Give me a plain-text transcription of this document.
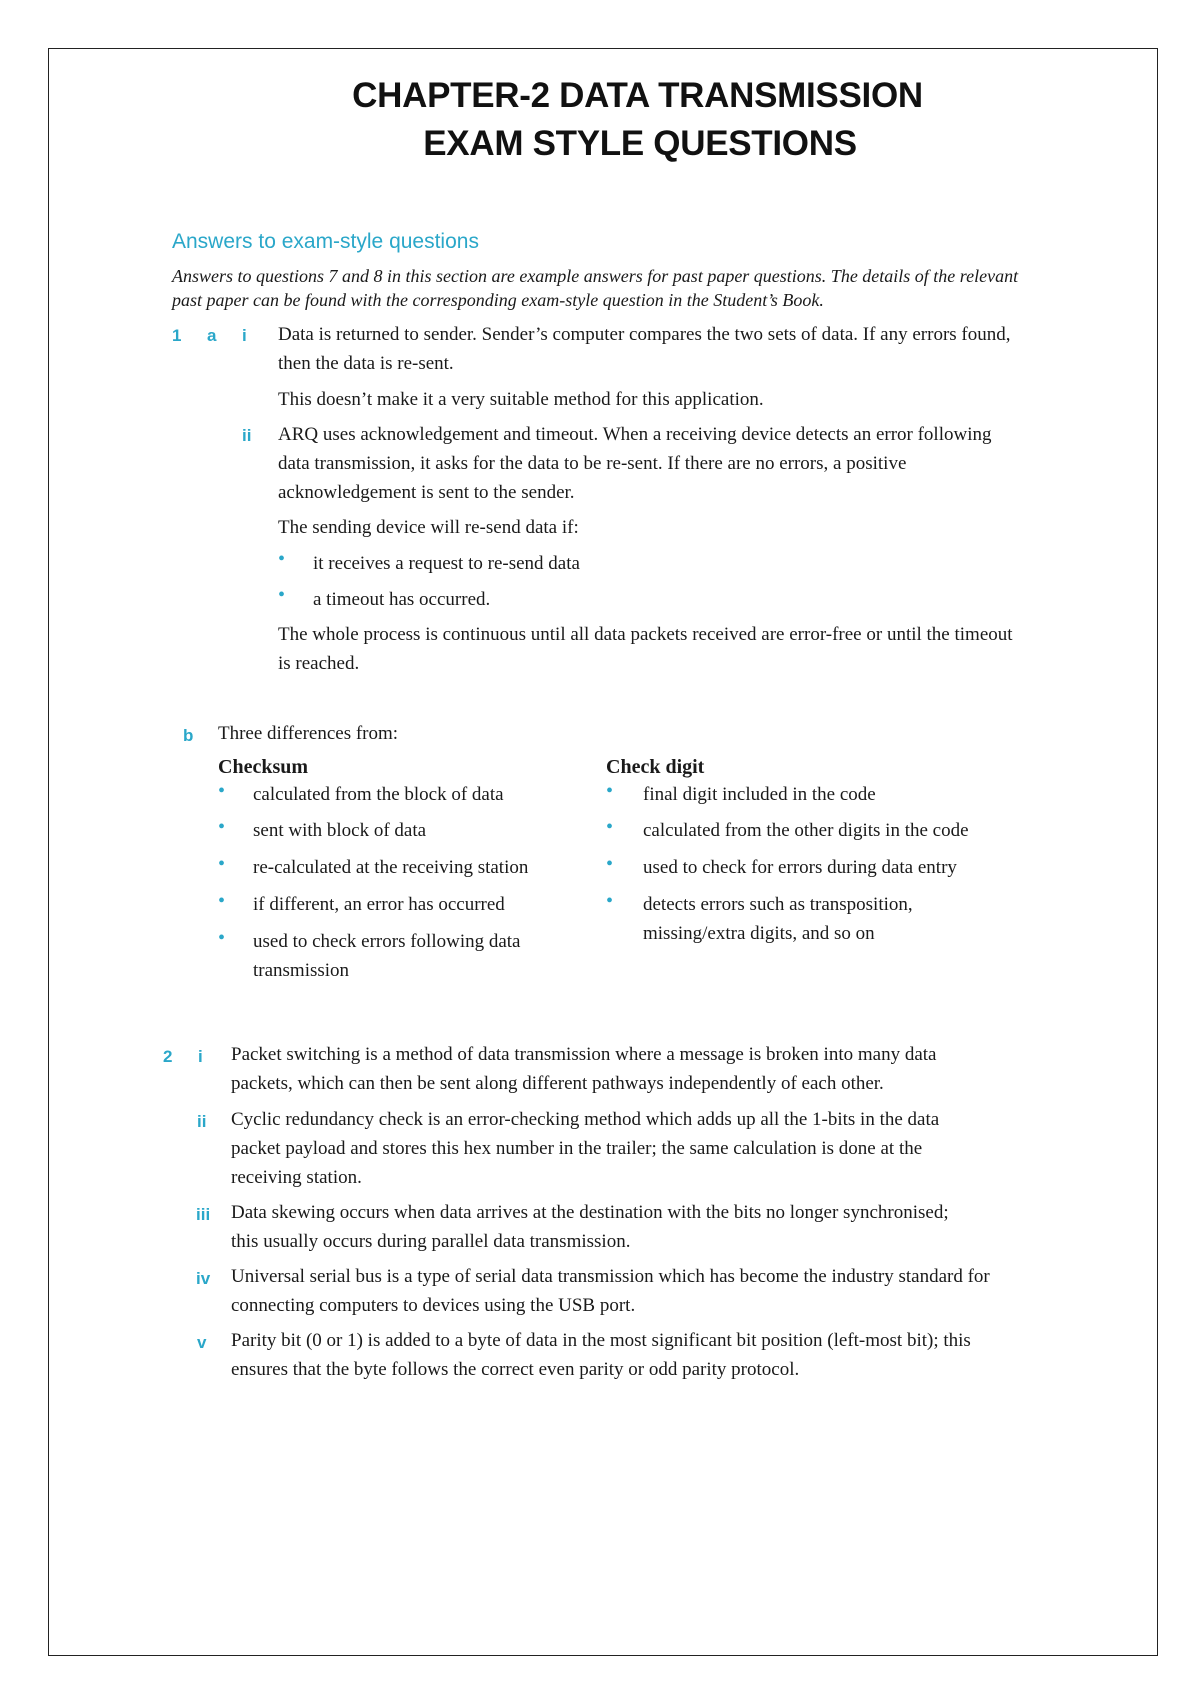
CHAPTER-2 DATA TRANSMISSION
EXAM STYLE QUESTIONS
Answers to exam-style questions
Answers to questions 7 and 8 in this section are example answers for past paper questions. The details of the relevant past paper can be found with the corresponding exam-style question in the Student’s Book.
1 a i Data is returned to sender. Sender’s computer compares the two sets of data. If any errors found, then the data is re-sent.
This doesn’t make it a very suitable method for this application.
ii ARQ uses acknowledgement and timeout. When a receiving device detects an error following data transmission, it asks for the data to be re-sent. If there are no errors, a positive acknowledgement is sent to the sender.
The sending device will re-send data if:
• it receives a request to re-send data
• a timeout has occurred.
The whole process is continuous until all data packets received are error-free or until the timeout is reached.
b Three differences from:
Checksum	Check digit
• calculated from the block of data
• sent with block of data
• re-calculated at the receiving station
• if different, an error has occurred
• used to check errors following data transmission
• final digit included in the code
• calculated from the other digits in the code
• used to check for errors during data entry
• detects errors such as transposition, missing/extra digits, and so on
2 i Packet switching is a method of data transmission where a message is broken into many data packets, which can then be sent along different pathways independently of each other.
ii Cyclic redundancy check is an error-checking method which adds up all the 1-bits in the data packet payload and stores this hex number in the trailer; the same calculation is done at the receiving station.
iii Data skewing occurs when data arrives at the destination with the bits no longer synchronised; this usually occurs during parallel data transmission.
iv Universal serial bus is a type of serial data transmission which has become the industry standard for connecting computers to devices using the USB port.
v Parity bit (0 or 1) is added to a byte of data in the most significant bit position (left-most bit); this ensures that the byte follows the correct even parity or odd parity protocol.
